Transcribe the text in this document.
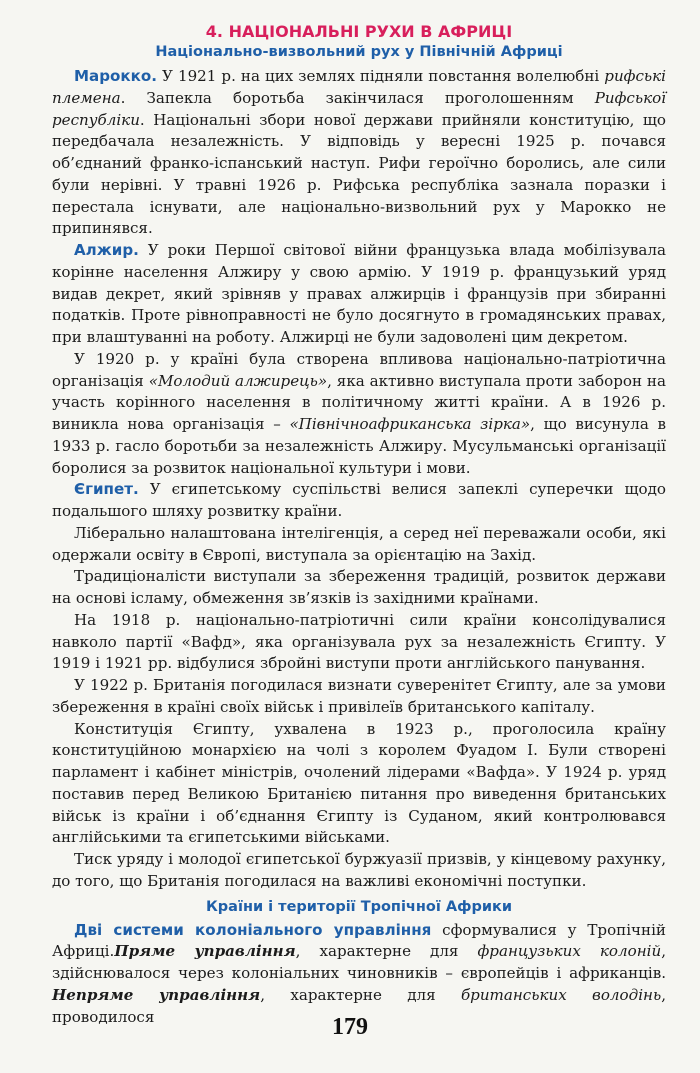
4. НАЦІОНАЛЬНІ РУХИ В АФРИЦІ
Національно-визвольний рух у Північній Африці

Марокко. У 1921 р. на цих землях підняли повстання волелюбні рифські племена. Запекла боротьба закінчилася проголошенням Рифської республіки. Національні збори нової держави прийняли конституцію, що передбачала незалежність. У відповідь у вересні 1925 р. почався об’єднаний франко-іспанський наступ. Рифи героїчно боролись, але сили були нерівні. У травні 1926 р. Рифська республіка зазнала поразки і перестала існувати, але національно-визвольний рух у Марокко не припинявся.

Алжир. У роки Першої світової війни французька влада мобілізувала корінне населення Алжиру у свою армію. У 1919 р. французький уряд видав декрет, який зрівняв у правах алжирців і французів при збиранні податків. Проте рівноправності не було досягнуто в громадянських правах, при влаштуванні на роботу. Алжирці не були задоволені цим декретом.

У 1920 р. у країні була створена впливова національно-патріотична організація «Молодий алжирець», яка активно виступала проти заборон на участь корінного населення в політичному житті країни. А в 1926 р. виникла нова організація – «Північноафриканська зірка», що висунула в 1933 р. гасло боротьби за незалежність Алжиру. Мусульманські організації боролися за розвиток національної культури і мови.

Єгипет. У єгипетському суспільстві велися запеклі суперечки щодо подальшого шляху розвитку країни.

Ліберально налаштована інтелігенція, а серед неї переважали особи, які одержали освіту в Європі, виступала за орієнтацію на Захід.

Традиціоналісти виступали за збереження традицій, розвиток держави на основі ісламу, обмеження зв’язків із західними країнами.

На 1918 р. національно-патріотичні сили країни консолідувалися навколо партії «Вафд», яка організувала рух за незалежність Єгипту. У 1919 і 1921 рр. відбулися збройні виступи проти англійського панування.

У 1922 р. Британія погодилася визнати суверенітет Єгипту, але за умови збереження в країні своїх військ і привілеїв британського капіталу.

Конституція Єгипту, ухвалена в 1923 р., проголосила країну конституційною монархією на чолі з королем Фуадом І. Були створені парламент і кабінет міністрів, очолений лідерами «Вафда». У 1924 р. уряд поставив перед Великою Британією питання про виведення британських військ із країни і об’єднання Єгипту із Суданом, який контролювався англійськими та єгипетськими військами.

Тиск уряду і молодої єгипетської буржуазії призвів, у кінцевому рахунку, до того, що Британія погодилася на важливі економічні поступки.

Країни і території Тропічної Африки

Дві системи колоніального управління сформувалися у Тропічній Африці.Пряме управління, характерне для французьких колоній, здійснювалося через колоніальних чиновників – європейців і африканців. Непряме управління, характерне для британських володінь, проводилося	179
